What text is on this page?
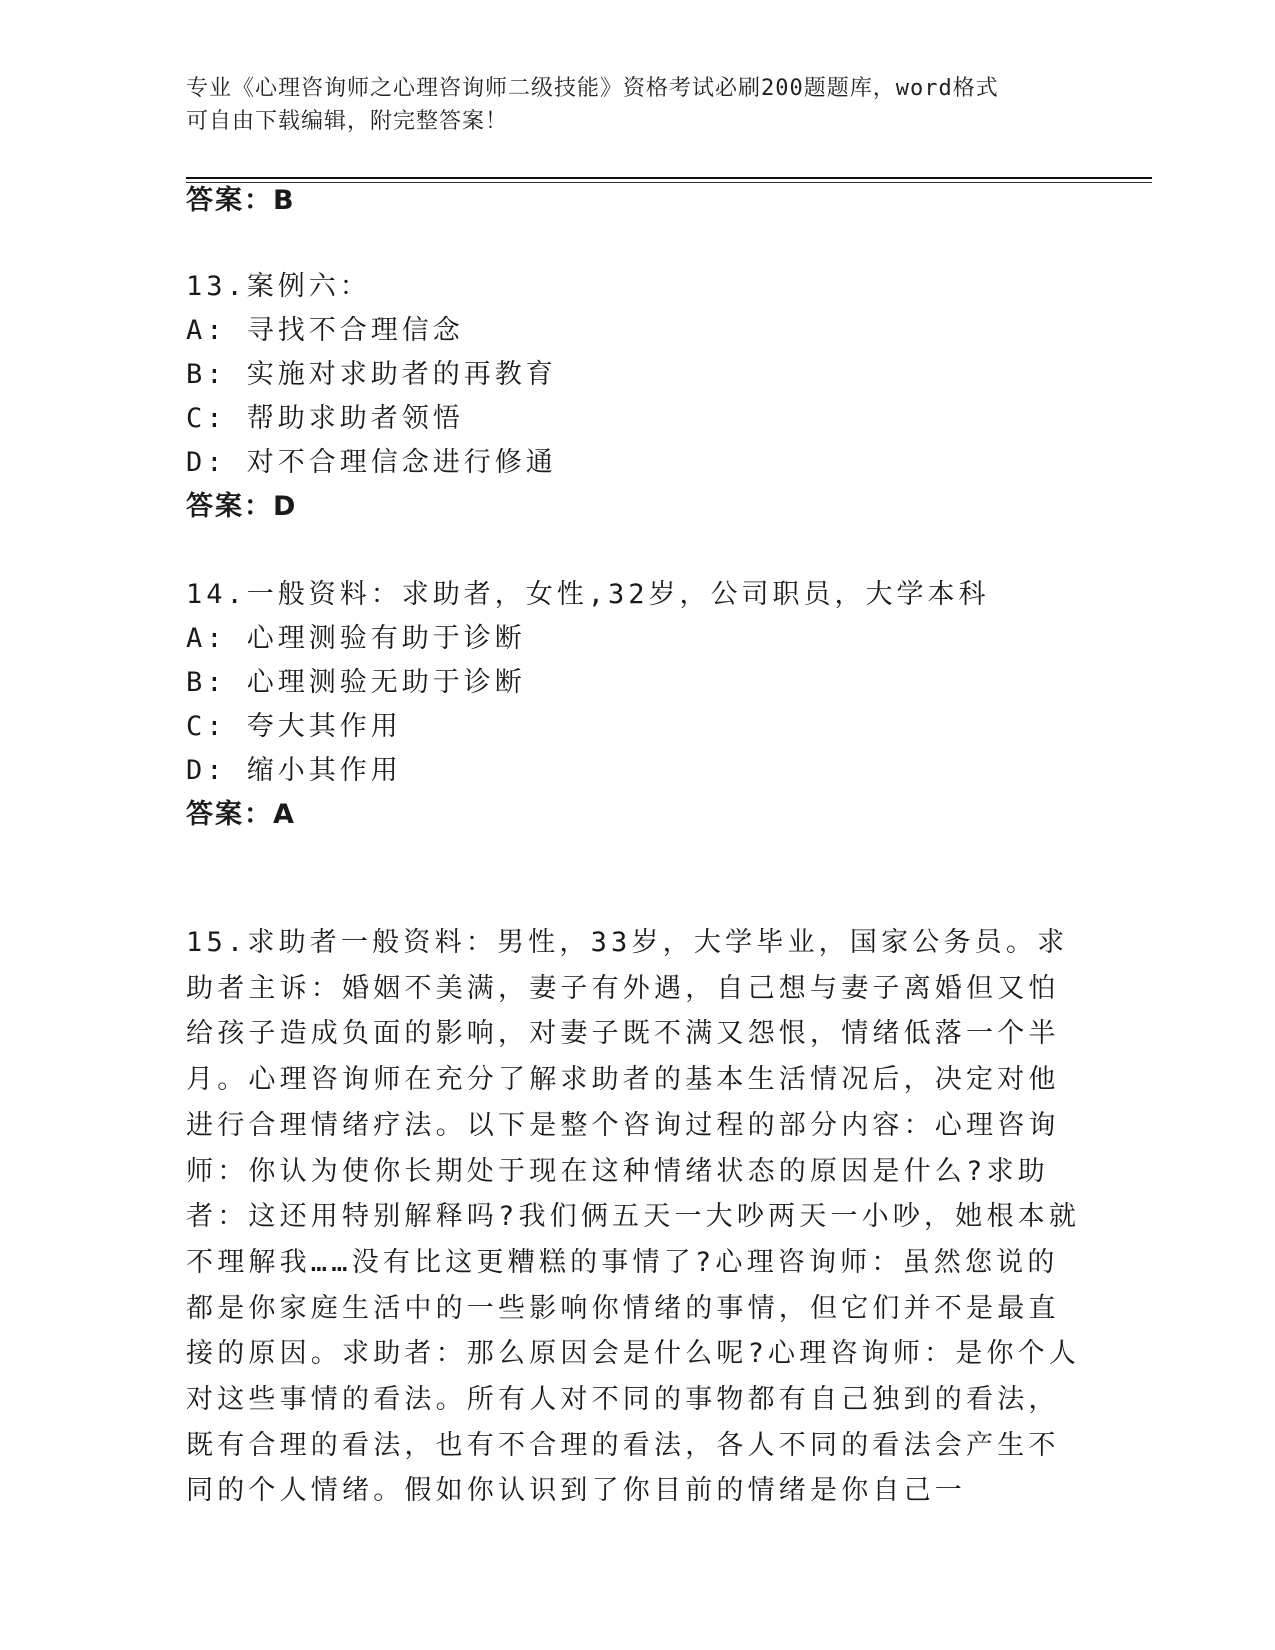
专业《心理咨询师之心理咨询师二级技能》资格考试必刷200题题库，word格式
可自由下载编辑，附完整答案！
答案：B
13.案例六：
A: 寻找不合理信念
B: 实施对求助者的再教育
C: 帮助求助者领悟
D: 对不合理信念进行修通
答案：D
14.一般资料：求助者，女性,32岁，公司职员，大学本科
A: 心理测验有助于诊断
B: 心理测验无助于诊断
C: 夸大其作用
D: 缩小其作用
答案：A
15.求助者一般资料：男性，33岁，大学毕业，国家公务员。求助者主诉：婚姻不美满，妻子有外遇，自己想与妻子离婚但又怕给孩子造成负面的影响，对妻子既不满又怨恨，情绪低落一个半月。心理咨询师在充分了解求助者的基本生活情况后，决定对他进行合理情绪疗法。以下是整个咨询过程的部分内容：心理咨询师：你认为使你长期处于现在这种情绪状态的原因是什么?求助者：这还用特别解释吗?我们俩五天一大吵两天一小吵，她根本就不理解我……没有比这更糟糕的事情了?心理咨询师：虽然您说的都是你家庭生活中的一些影响你情绪的事情，但它们并不是最直接的原因。求助者：那么原因会是什么呢?心理咨询师：是你个人对这些事情的看法。所有人对不同的事物都有自己独到的看法，既有合理的看法，也有不合理的看法，各人不同的看法会产生不同的个人情绪。假如你认识到了你目前的情绪是你自己一
